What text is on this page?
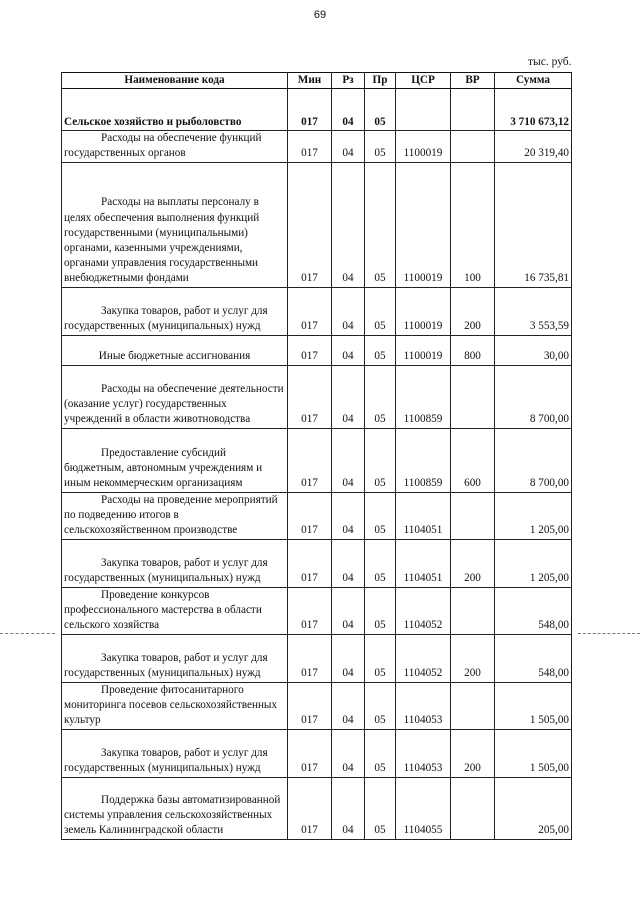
69
тыс. руб.
Наименование кода	Мин	Рз	Пр	ЦСР	ВР	Сумма
Сельское хозяйство и рыболовство	017	04	05			3 710 673,12
Расходы на обеспечение функций государственных органов	017	04	05	1100019		20 319,40
Расходы на выплаты персоналу в целях обеспечения выполнения функций государственными (муниципальными) органами, казенными учреждениями, органами управления государственными внебюджетными фондами	017	04	05	1100019	100	16 735,81
Закупка товаров, работ и услуг для государственных (муниципальных) нужд	017	04	05	1100019	200	3 553,59
Иные бюджетные ассигнования	017	04	05	1100019	800	30,00
Расходы на обеспечение деятельности (оказание услуг) государственных учреждений в области животноводства	017	04	05	1100859		8 700,00
Предоставление субсидий бюджетным, автономным учреждениям и иным некоммерческим организациям	017	04	05	1100859	600	8 700,00
Расходы на проведение мероприятий по подведению итогов в сельскохозяйственном производстве	017	04	05	1104051		1 205,00
Закупка товаров, работ и услуг для государственных (муниципальных) нужд	017	04	05	1104051	200	1 205,00
Проведение конкурсов профессионального мастерства в области сельского хозяйства	017	04	05	1104052		548,00
Закупка товаров, работ и услуг для государственных (муниципальных) нужд	017	04	05	1104052	200	548,00
Проведение фитосанитарного мониторинга посевов сельскохозяйственных культур	017	04	05	1104053		1 505,00
Закупка товаров, работ и услуг для государственных (муниципальных) нужд	017	04	05	1104053	200	1 505,00
Поддержка базы автоматизированной системы управления сельскохозяйственных земель Калининградской области	017	04	05	1104055		205,00
